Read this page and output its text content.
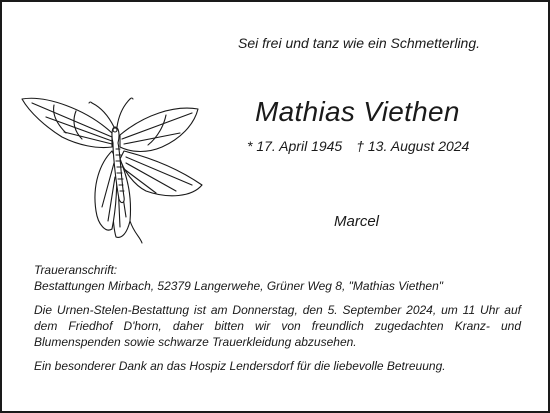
Sei frei und tanz wie ein Schmetterling.
Mathias Viethen
* 17. April 1945 † 13. August 2024
Marcel

Traueranschrift:

Bestattungen Mirbach, 52379 Langerwehe, Grüner Weg 8, "Mathias Viethen"

Die Urnen-Stelen-Bestattung ist am Donnerstag, den 5. September 2024, um 11 Uhr auf dem Friedhof D'horn, daher bitten wir von freundlich zugedachten Kranz- und Blumenspenden sowie schwarze Trauerkleidung abzusehen.

Ein besonderer Dank an das Hospiz Lendersdorf für die liebevolle Betreuung.
